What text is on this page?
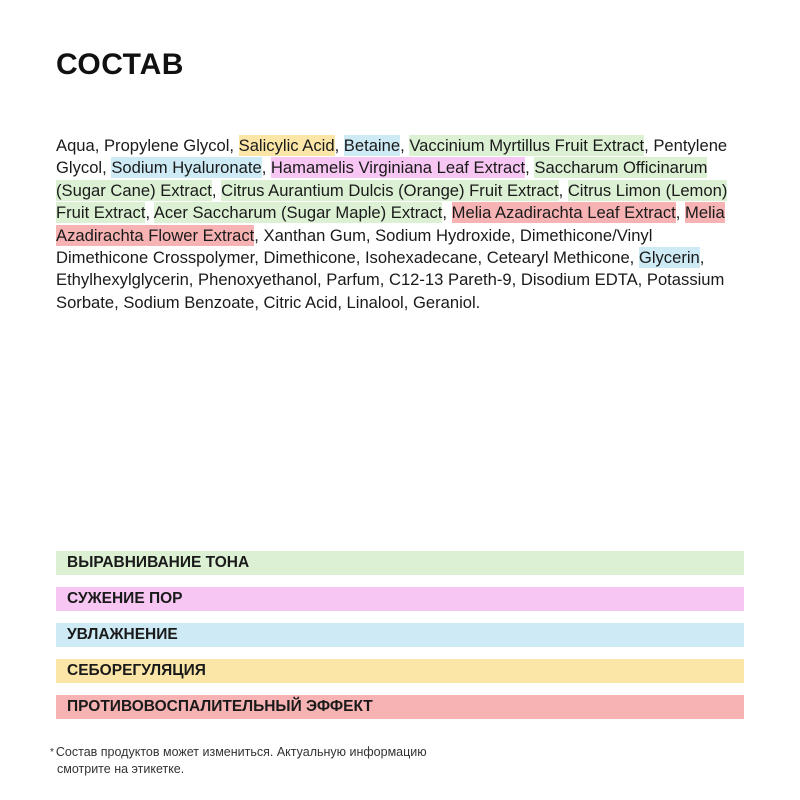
СОСТАВ
Aqua, Propylene Glycol, Salicylic Acid, Betaine, Vaccinium Myrtillus Fruit Extract, Pentylene Glycol, Sodium Hyaluronate, Hamamelis Virginiana Leaf Extract, Saccharum Officinarum (Sugar Cane) Extract, Citrus Aurantium Dulcis (Orange) Fruit Extract, Citrus Limon (Lemon) Fruit Extract, Acer Saccharum (Sugar Maple) Extract, Melia Azadirachta Leaf Extract, Melia Azadirachta Flower Extract, Xanthan Gum, Sodium Hydroxide, Dimethicone/Vinyl Dimethicone Crosspolymer, Dimethicone, Isohexadecane, Cetearyl Methicone, Glycerin, Ethylhexylglycerin, Phenoxyethanol, Parfum, C12-13 Pareth-9, Disodium EDTA, Potassium Sorbate, Sodium Benzoate, Citric Acid, Linalool, Geraniol.
ВЫРАВНИВАНИЕ ТОНА
СУЖЕНИЕ ПОР
УВЛАЖНЕНИЕ
СЕБОРЕГУЛЯЦИЯ
ПРОТИВОВОСПАЛИТЕЛЬНЫЙ ЭФФЕКТ
* Состав продуктов может измениться. Актуальную информацию
смотрите на этикетке.
